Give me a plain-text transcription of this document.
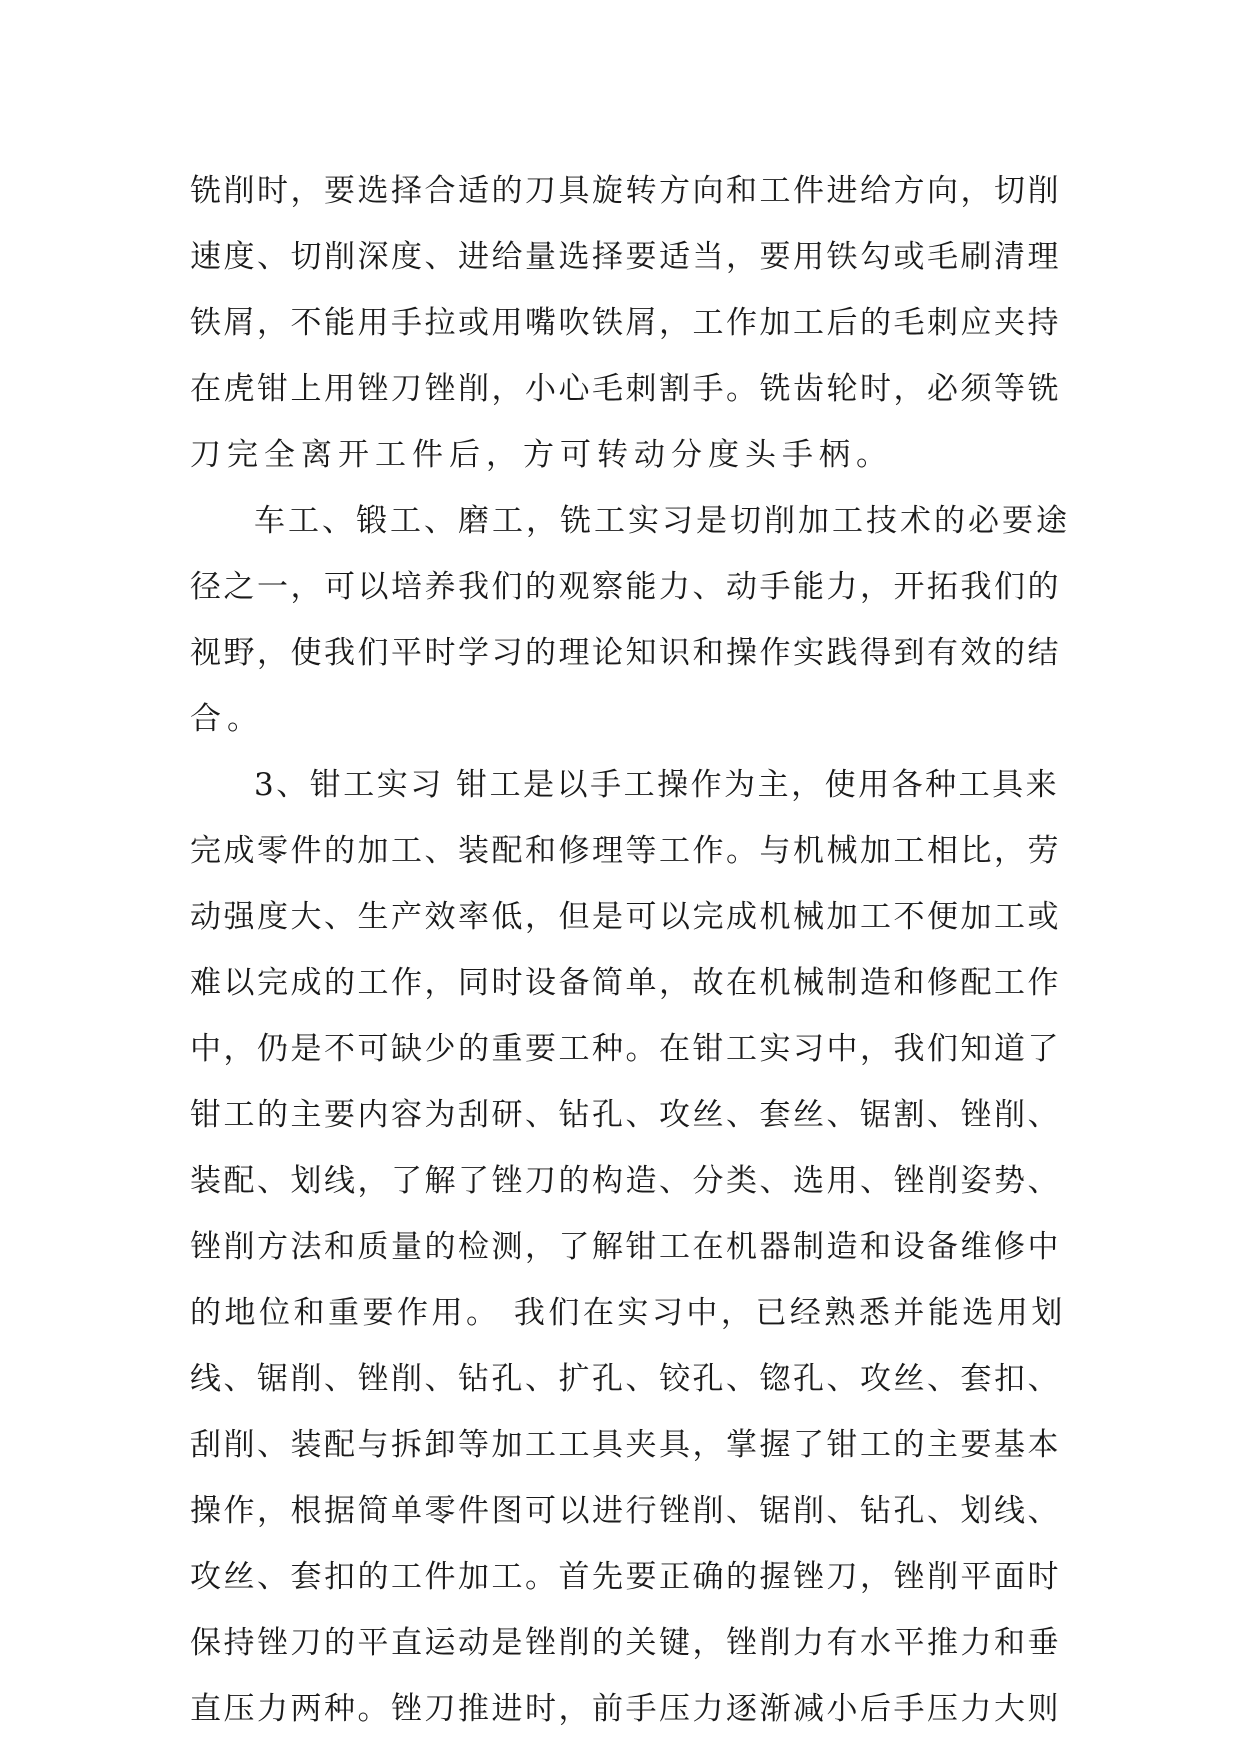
铣削时，要选择合适的刀具旋转方向和工件进给方向，切削
速度、切削深度、进给量选择要适当，要用铁勾或毛刷清理
铁屑，不能用手拉或用嘴吹铁屑，工作加工后的毛刺应夹持
在虎钳上用锉刀锉削，小心毛刺割手。铣齿轮时，必须等铣
刀完全离开工件后，方可转动分度头手柄。
车工、锻工、磨工，铣工实习是切削加工技术的必要途
径之一，可以培养我们的观察能力、动手能力，开拓我们的
视野，使我们平时学习的理论知识和操作实践得到有效的结
合。
3、钳工实习 钳工是以手工操作为主，使用各种工具来
完成零件的加工、装配和修理等工作。与机械加工相比，劳
动强度大、生产效率低，但是可以完成机械加工不便加工或
难以完成的工作，同时设备简单，故在机械制造和修配工作
中，仍是不可缺少的重要工种。在钳工实习中，我们知道了
钳工的主要内容为刮研、钻孔、攻丝、套丝、锯割、锉削、
装配、划线，了解了锉刀的构造、分类、选用、锉削姿势、
锉削方法和质量的检测，了解钳工在机器制造和设备维修中
的地位和重要作用。 我们在实习中，已经熟悉并能选用划
线、锯削、锉削、钻孔、扩孔、铰孔、锪孔、攻丝、套扣、
刮削、装配与拆卸等加工工具夹具，掌握了钳工的主要基本
操作，根据简单零件图可以进行锉削、锯削、钻孔、划线、
攻丝、套扣的工件加工。首先要正确的握锉刀，锉削平面时
保持锉刀的平直运动是锉削的关键，锉削力有水平推力和垂
直压力两种。锉刀推进时，前手压力逐渐减小后手压力大则
